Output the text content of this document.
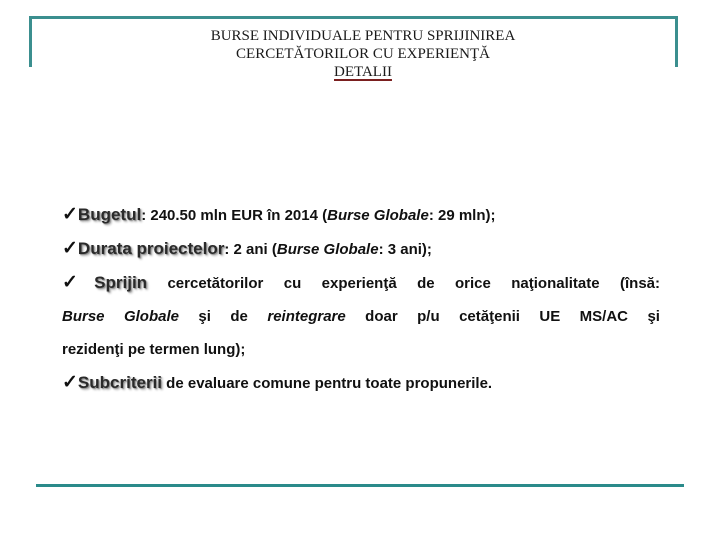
BURSE INDIVIDUALE PENTRU SPRIJINIREA
CERCETĂTORILOR CU EXPERIENŢĂ
DETALII
✓Bugetul: 240.50 mln EUR în 2014 (Burse Globale: 29 mln);
✓Durata proiectelor: 2 ani (Burse Globale: 3 ani);
✓Sprijin cercetătorilor cu experienţă de orice naţionalitate (însă:
Burse Globale şi de reintegrare doar p/u cetăţenii UE MS/AC şi
rezidenţi pe termen lung);
✓Subcriterii de evaluare comune pentru toate propunerile.
